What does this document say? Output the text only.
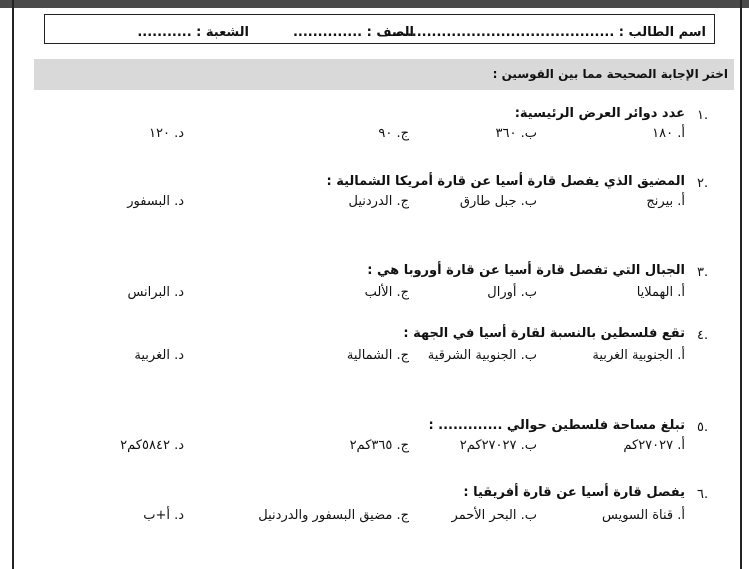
اسم الطالب : ..............................................
الصف : ..............
الشعبة : ...........
اختر الإجابة الصحيحة مما بين القوسين :
١.
عدد دوائر العرض الرئيسية:
أ. ١٨٠
ب. ٣٦٠
ج. ٩٠
د. ١٢٠
٢.
المضيق الذي يفصل قارة أسيا عن قارة أمريكا الشمالية :
أ. بيرنج
ب. جبل طارق
ج. الدردنيل
د. البسفور
٣.
الجبال التي تفصل قارة أسيا عن قارة أوروبا هي :
أ. الهملايا
ب. أورال
ج. الألب
د. البرانس
٤.
تقع فلسطين بالنسبة لقارة أسيا في الجهة :
أ. الجنوبية الغربية
ب. الجنوبية الشرقية
ج. الشمالية
د. الغربية
٥.
تبلغ مساحة فلسطين حوالي ............. :
أ. ٢٧٠٢٧كم
ب. ٢٧٠٢٧كم٢
ج. ٣٦٥كم٢
د. ٥٨٤٢كم٢
٦.
يفصل قارة أسيا عن قارة أفريقيا :
أ. قناة السويس
ب. البحر الأحمر
ج. مضيق البسفور والدردنيل
د. أ+ب
